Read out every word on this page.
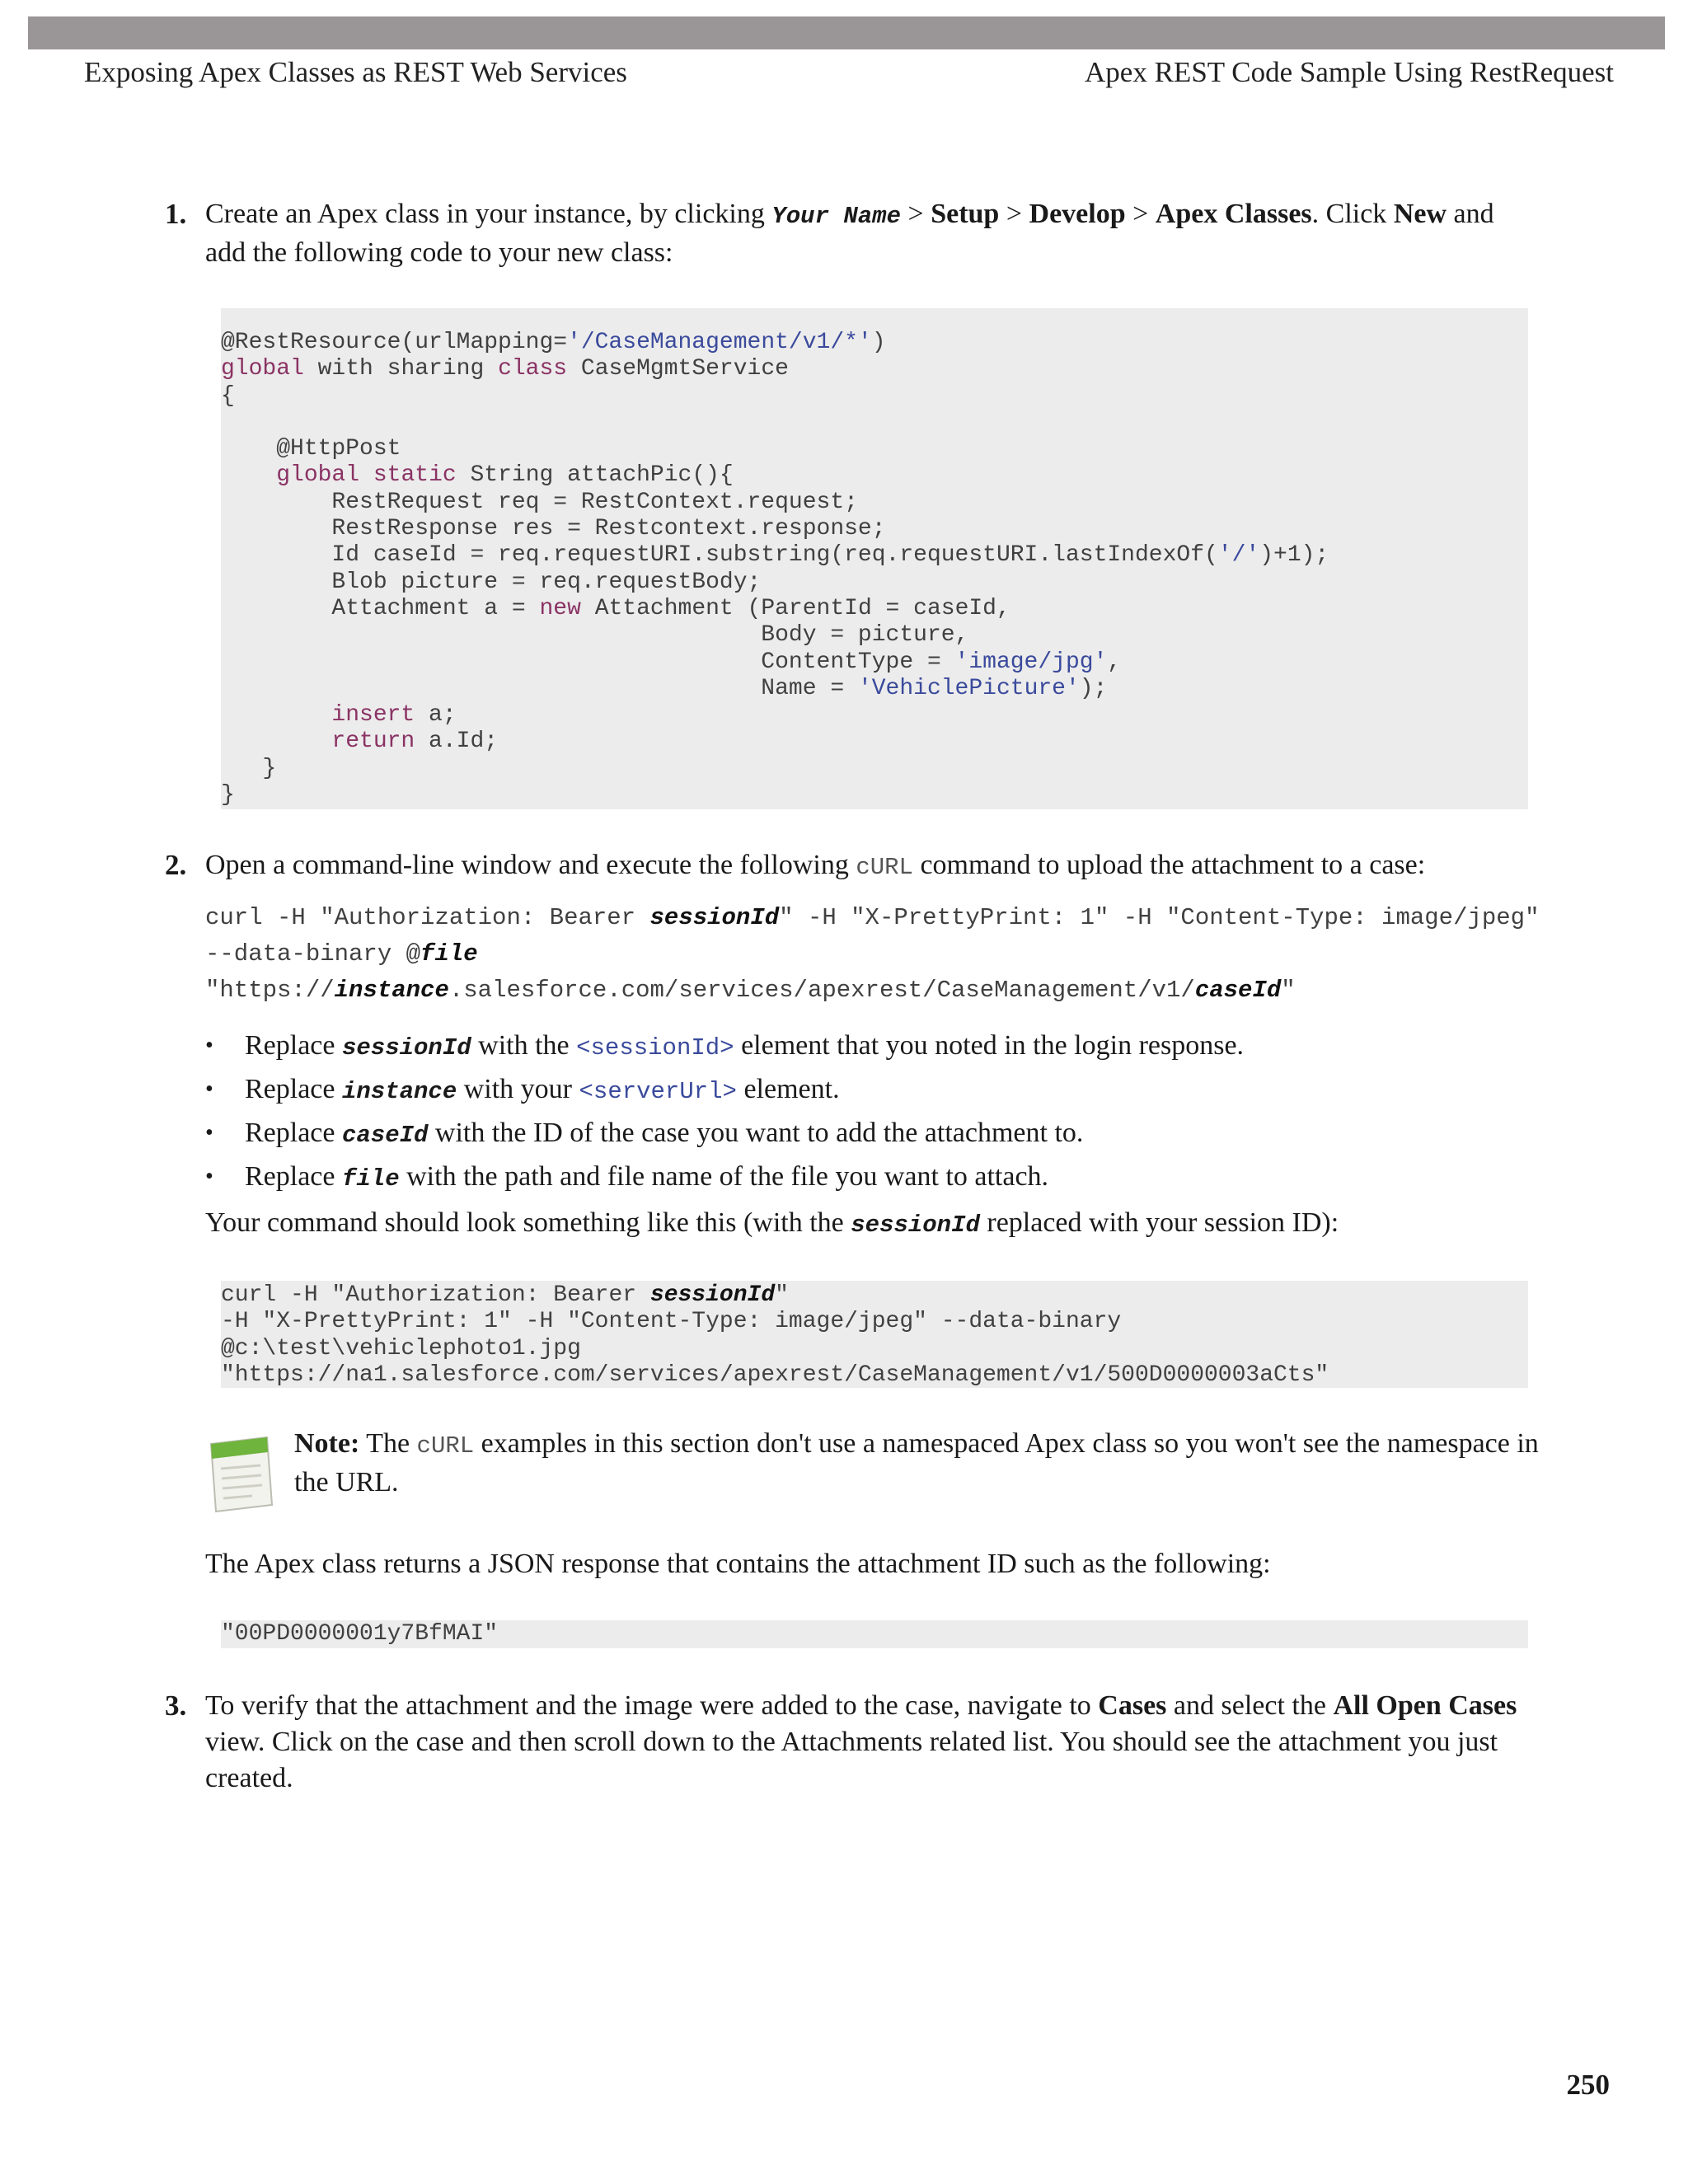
Exposing Apex Classes as REST Web Services	Apex REST Code Sample Using RestRequest
1. Create an Apex class in your instance, by clicking Your Name > Setup > Develop > Apex Classes. Click New and add the following code to your new class:
@RestResource(urlMapping='/CaseManagement/v1/*')
global with sharing class CaseMgmtService
{

@HttpPost
global static String attachPic(){
RestRequest req = RestContext.request;
RestResponse res = Restcontext.response;
Id caseId = req.requestURI.substring(req.requestURI.lastIndexOf('/')+1);
Blob picture = req.requestBody;
Attachment a = new Attachment (ParentId = caseId,
Body = picture,
ContentType = 'image/jpg',
Name = 'VehiclePicture');
insert a;
return a.Id;
}
}
2. Open a command-line window and execute the following cURL command to upload the attachment to a case:
curl -H "Authorization: Bearer sessionId" -H "X-PrettyPrint: 1" -H "Content-Type: image/jpeg" --data-binary @file "https://instance.salesforce.com/services/apexrest/CaseManagement/v1/caseId"
• Replace sessionId with the <sessionId> element that you noted in the login response.
• Replace instance with your <serverUrl> element.
• Replace caseId with the ID of the case you want to add the attachment to.
• Replace file with the path and file name of the file you want to attach.
Your command should look something like this (with the sessionId replaced with your session ID):
curl -H "Authorization: Bearer sessionId"
-H "X-PrettyPrint: 1" -H "Content-Type: image/jpeg" --data-binary
@c:\test\vehiclephoto1.jpg
"https://na1.salesforce.com/services/apexrest/CaseManagement/v1/500D0000003aCts"
Note: The cURL examples in this section don't use a namespaced Apex class so you won't see the namespace in the URL.
The Apex class returns a JSON response that contains the attachment ID such as the following:
"00PD0000001y7BfMAI"
3. To verify that the attachment and the image were added to the case, navigate to Cases and select the All Open Cases view. Click on the case and then scroll down to the Attachments related list. You should see the attachment you just created.
250
